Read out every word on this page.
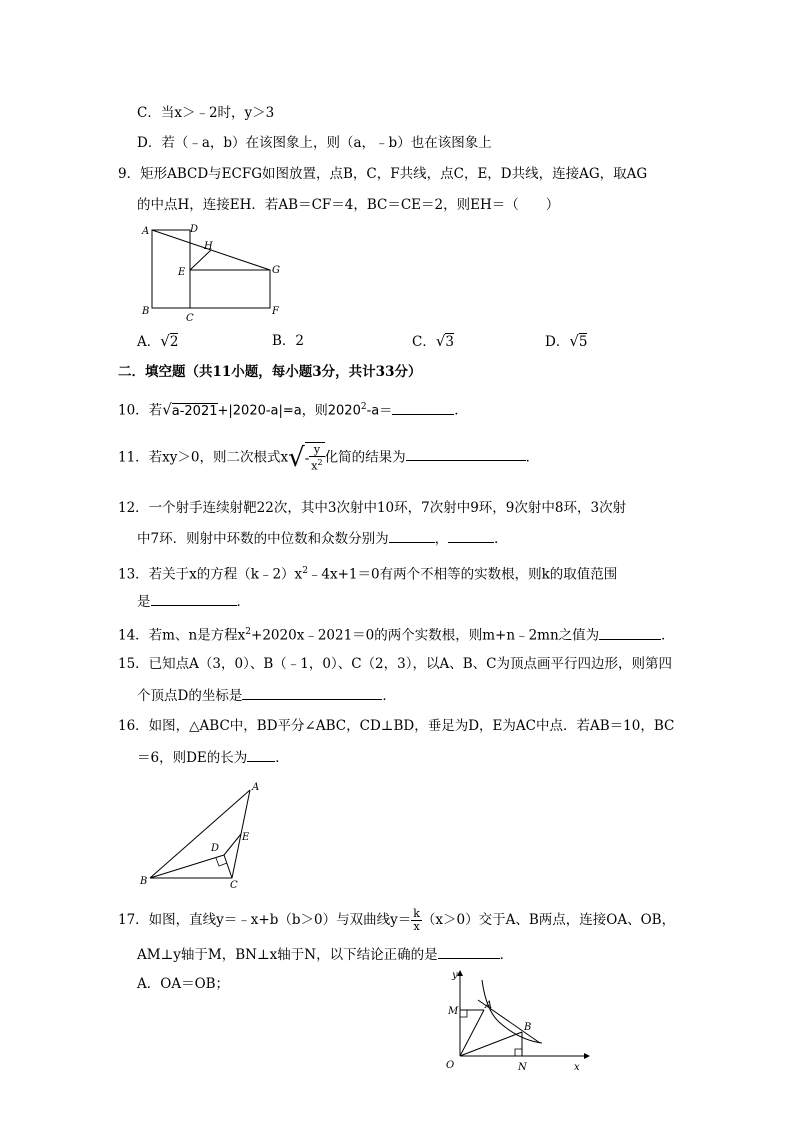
C．当x＞﹣2时，y＞3
D．若（﹣a，b）在该图象上，则（a，﹣b）也在该图象上
9．矩形ABCD与ECFG如图放置，点B，C，F共线，点C，E，D共线，连接AG，取AG
的中点H，连接EH．若AB＝CF＝4，BC＝CE＝2，则EH＝（　　）
A	D
H
E	G
B
C
F
A．√2	B．2	C．√3	D．√5
二．填空题（共11小题，每小题3分，共计33分）
10．若√a-2021+|2020-a|=a，则$2020^2-a=$	．
11．若xy＞0，则二次根式$x√- \frac{y}{x^2}$ 化简的结果为	．
12．一个射手连续射靶22次，其中3次射中10环，7次射中9环，9次射中8环，3次射
中7环．则射中环数的中位数和众数分别为	，	．
13．若关于x的方程$(k﹣2)x^2﹣4x+1=0$有两个不相等的实数根，则k的取值范围
是	．
14．若m、n是方程$x^2+2020x﹣2021=0$的两个实数根，则m+n﹣2mn之值为	．
15．已知点A（3，0）、B（﹣1，0）、C（2，3），以A、B、C为顶点画平行四边形，则第四
个顶点D的坐标是	．
16．如图，△ABC中，BD平分∠ABC，CD⊥BD，垂足为D，E为AC中点．若AB＝10，BC
＝6，则DE的长为 ．
A
E
D
B	C
17．如图，直线y＝﹣x+b（b＞0）与双曲线$y= \frac{k}{x} (x>0)$交于A、B两点，连接OA、OB，
AM⊥y轴于M，BN⊥x轴于N，以下结论正确的是	．
A．OA＝OB；
y
M
A
B
O	N	x
